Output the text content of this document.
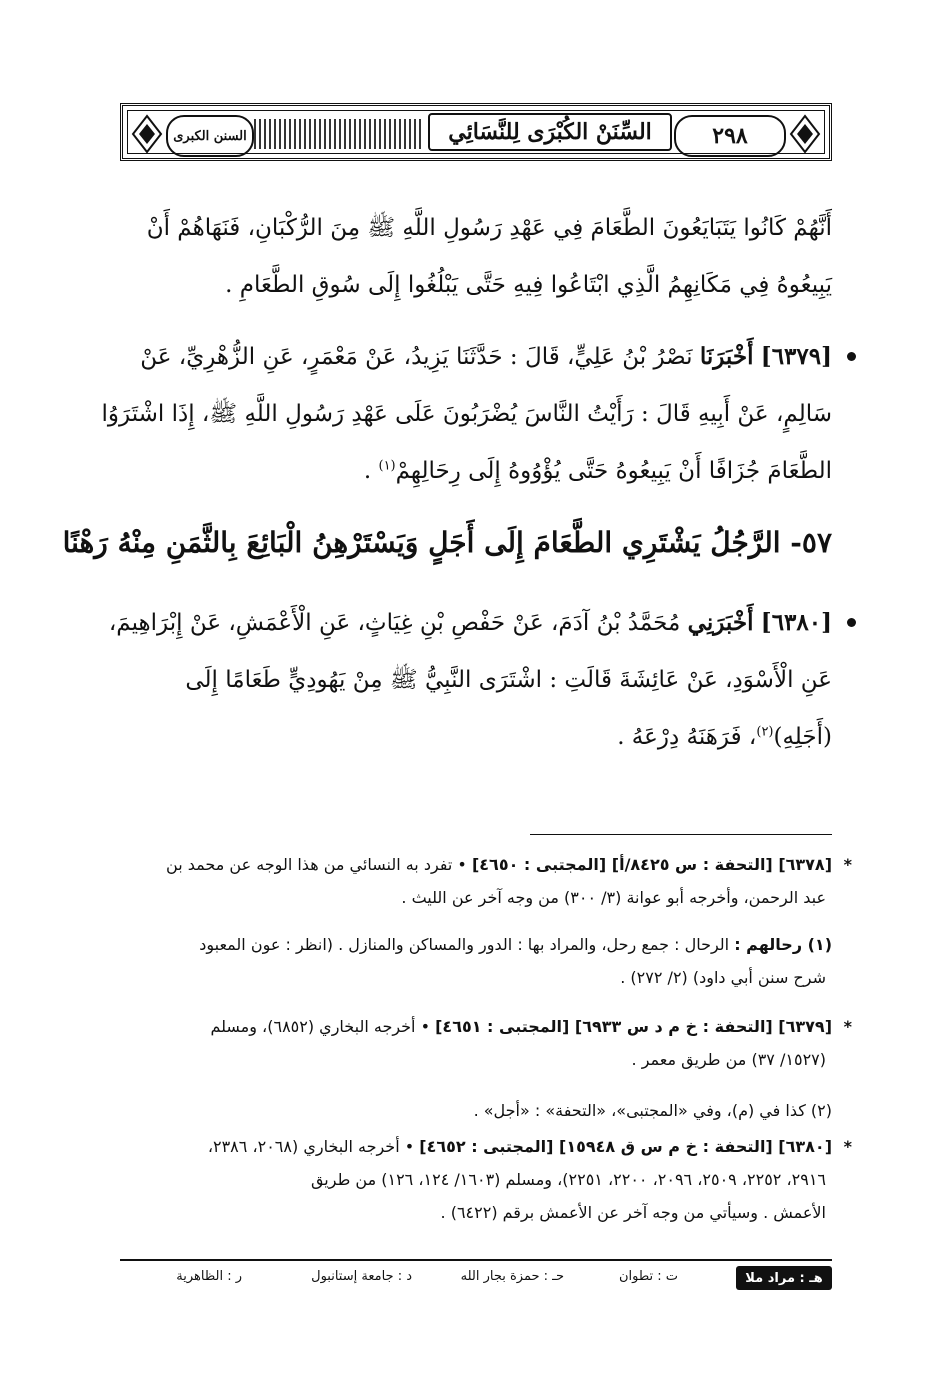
السنن الكبرى	السِّنَنْ الكُبْرَى لِلنَّسَائِي	٢٩٨
أَنَّهُمْ كَانُوا يَتَبَايَعُونَ الطَّعَامَ فِي عَهْدِ رَسُولِ اللَّهِ ﷺ مِنَ الرُّكْبَانِ، فَنَهَاهُمْ أَنْ
يَبِيعُوهُ فِي مَكَانِهِمُ الَّذِي ابْتَاعُوا فِيهِ حَتَّى يَبْلُغُوا إِلَى سُوقِ الطَّعَامِ .
[٦٣٧٩] أَخْبَرَنَا نَصْرُ بْنُ عَلِيٍّ، قَالَ : حَدَّثَنَا يَزِيدُ، عَنْ مَعْمَرٍ، عَنِ الزُّهْرِيِّ، عَنْ
سَالِمٍ، عَنْ أَبِيهِ قَالَ : رَأَيْتُ النَّاسَ يُضْرَبُونَ عَلَى عَهْدِ رَسُولِ اللَّهِ ﷺ، إِذَا اشْتَرَوُا
الطَّعَامَ جُزَافًا أَنْ يَبِيعُوهُ حَتَّى يُؤْوُوهُ إِلَى رِحَالِهِمْ$^{(١)}$ .
٥٧- الرَّجُلُ يَشْتَرِي الطَّعَامَ إِلَى أَجَلٍ وَيَسْتَرْهِنُ الْبَائِعَ بِالثَّمَنِ مِنْهُ رَهْنًا
[٦٣٨٠] أَخْبَرَنِي مُحَمَّدُ بْنُ آدَمَ، عَنْ حَفْصِ بْنِ غِيَاثٍ، عَنِ الْأَعْمَشِ، عَنْ إِبْرَاهِيمَ،
عَنِ الْأَسْوَدِ، عَنْ عَائِشَةَ قَالَتِ : اشْتَرَى النَّبِيُّ ﷺ مِنْ يَهُودِيٍّ طَعَامًا إِلَى
(أَجَلِهِ)$^{(٢)}$، فَرَهَنَهُ دِرْعَهُ .
*
[٦٣٧٨] [التحفة : س ٨٤٢٥/أ] [المجتبى : ٤٦٥٠] • تفرد به النسائي من هذا الوجه عن محمد بن
عبد الرحمن، وأخرجه أبو عوانة (٣/ ٣٠٠) من وجه آخر عن الليث .
(١) رحالهم : الرحال : جمع رحل، والمراد بها : الدور والمساكن والمنازل . (انظر : عون المعبود
شرح سنن أبي داود) (٢/ ٢٧٢) .
*
[٦٣٧٩] [التحفة : خ م د س ٦٩٣٣] [المجتبى : ٤٦٥١] • أخرجه البخاري (٦٨٥٢)، ومسلم
(١٥٢٧/ ٣٧) من طريق معمر .
(٢) كذا في (م)، وفي «المجتبى»، «التحفة» : «أجل» .
*
[٦٣٨٠] [التحفة : خ م س ق ١٥٩٤٨] [المجتبى : ٤٦٥٢] • أخرجه البخاري (٢٠٦٨، ٢٣٨٦،
٢٩١٦، ٢٢٥٢، ٢٥٠٩، ٢٠٩٦، ٢٢٠٠، ٢٢٥١)، ومسلم (١٦٠٣/ ١٢٤، ١٢٦) من طريق
الأعمش . وسيأتي من وجه آخر عن الأعمش برقم (٦٤٢٢) .
هـ : مراد ملا
ت : تطوان
حـ : حمزة بجار الله
د : جامعة إستانبول
ر : الظاهرية
